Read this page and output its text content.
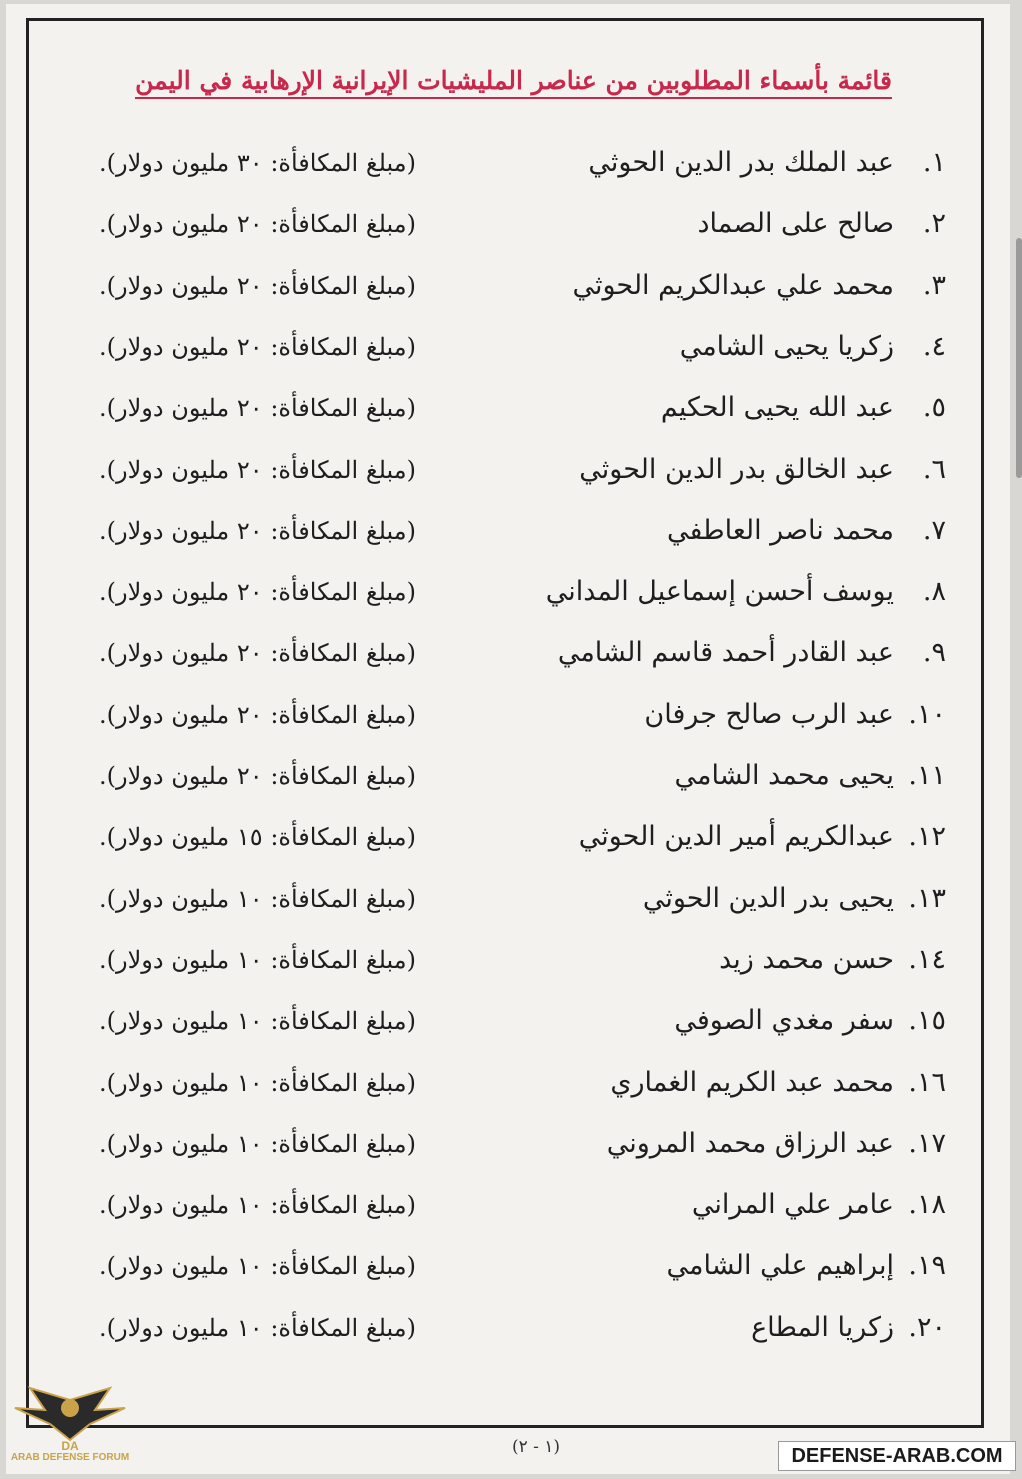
قائمة بأسماء المطلوبين من عناصر المليشيات الإيرانية الإرهابية في اليمن
١.عبد الملك بدر الدين الحوثي
(مبلغ المكافأة: ٣٠ مليون دولار).
٢.صالح على الصماد
(مبلغ المكافأة: ٢٠ مليون دولار).
٣.محمد علي عبدالكريم الحوثي
(مبلغ المكافأة: ٢٠ مليون دولار).
٤.زكريا يحيى الشامي
(مبلغ المكافأة: ٢٠ مليون دولار).
٥.عبد الله يحيى الحكيم
(مبلغ المكافأة: ٢٠ مليون دولار).
٦.عبد الخالق بدر الدين الحوثي
(مبلغ المكافأة: ٢٠ مليون دولار).
٧.محمد ناصر العاطفي
(مبلغ المكافأة: ٢٠ مليون دولار).
٨.يوسف أحسن إسماعيل المداني
(مبلغ المكافأة: ٢٠ مليون دولار).
٩.عبد القادر أحمد قاسم الشامي
(مبلغ المكافأة: ٢٠ مليون دولار).
١٠.عبد الرب صالح جرفان
(مبلغ المكافأة: ٢٠ مليون دولار).
١١.يحيى محمد الشامي
(مبلغ المكافأة: ٢٠ مليون دولار).
١٢.عبدالكريم أمير الدين الحوثي
(مبلغ المكافأة: ١٥ مليون دولار).
١٣.يحيى بدر الدين الحوثي
(مبلغ المكافأة: ١٠ مليون دولار).
١٤.حسن محمد زيد
(مبلغ المكافأة: ١٠ مليون دولار).
١٥.سفر مغدي الصوفي
(مبلغ المكافأة: ١٠ مليون دولار).
١٦.محمد عبد الكريم الغماري
(مبلغ المكافأة: ١٠ مليون دولار).
١٧.عبد الرزاق محمد المروني
(مبلغ المكافأة: ١٠ مليون دولار).
١٨.عامر علي المراني
(مبلغ المكافأة: ١٠ مليون دولار).
١٩.إبراهيم علي الشامي
(مبلغ المكافأة: ١٠ مليون دولار).
٢٠.زكريا المطاع
(مبلغ المكافأة: ١٠ مليون دولار).
(١ - ٢)
DA
ARAB DEFENSE FORUM	DEFENSE-ARAB.COM
